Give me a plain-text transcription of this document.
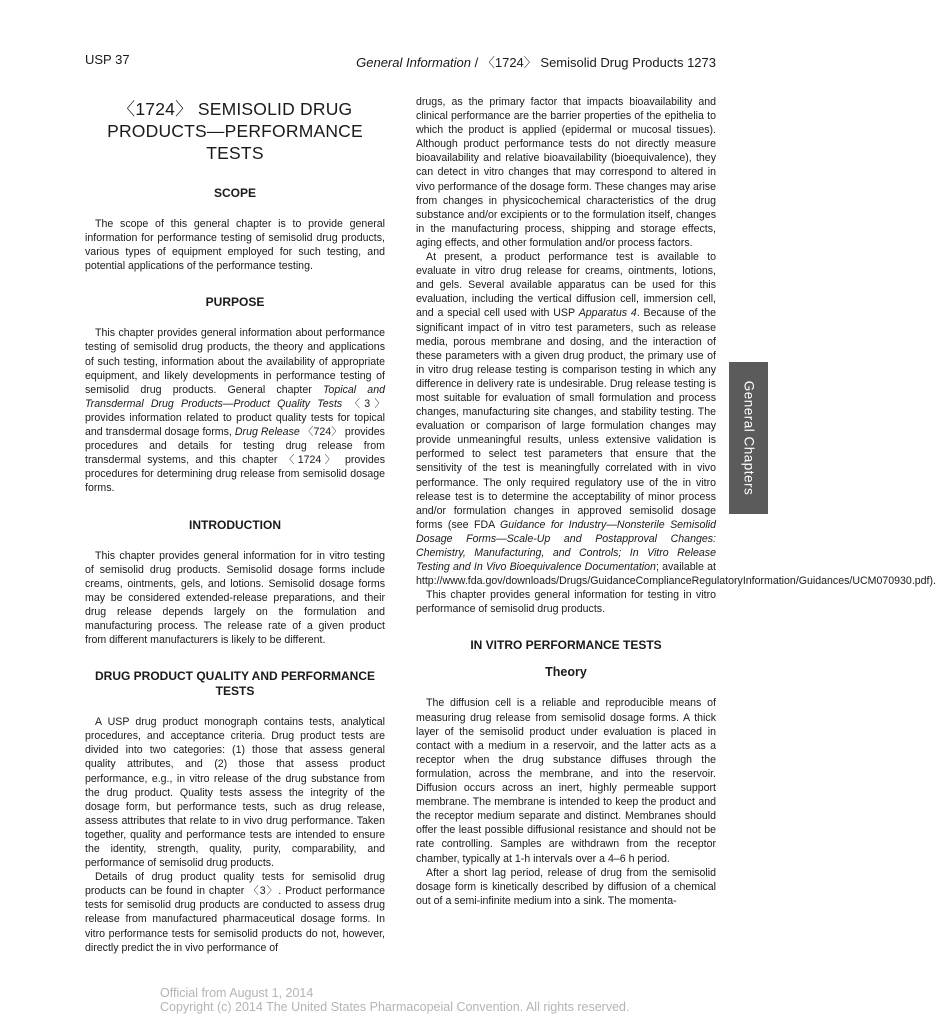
USP 37	General Information / 〈1724〉 Semisolid Drug Products 1273
〈1724〉 SEMISOLID DRUG PRODUCTS—PERFORMANCE TESTS
SCOPE

The scope of this general chapter is to provide general information for performance testing of semisolid drug products, various types of equipment employed for such testing, and potential applications of the performance testing.

PURPOSE

This chapter provides general information about performance testing of semisolid drug products, the theory and applications of such testing, information about the availability of appropriate equipment, and likely developments in performance testing of semisolid drug products. General chapter Topical and Transdermal Drug Products—Product Quality Tests 〈3〉 provides information related to product quality tests for topical and transdermal dosage forms, Drug Release 〈724〉 provides procedures and details for testing drug release from transdermal systems, and this chapter 〈1724〉 provides procedures for determining drug release from semisolid dosage forms.

INTRODUCTION

This chapter provides general information for in vitro testing of semisolid drug products. Semisolid dosage forms include creams, ointments, gels, and lotions. Semisolid dosage forms may be considered extended-release preparations, and their drug release depends largely on the formulation and manufacturing process. The release rate of a given product from different manufacturers is likely to be different.

DRUG PRODUCT QUALITY AND PERFORMANCE TESTS

A USP drug product monograph contains tests, analytical procedures, and acceptance criteria. Drug product tests are divided into two categories: (1) those that assess general quality attributes, and (2) those that assess product performance, e.g., in vitro release of the drug substance from the drug product. Quality tests assess the integrity of the dosage form, but performance tests, such as drug release, assess attributes that relate to in vivo drug performance. Taken together, quality and performance tests are intended to ensure the identity, strength, quality, purity, comparability, and performance of semisolid drug products.

Details of drug product quality tests for semisolid drug products can be found in chapter 〈3〉. Product performance tests for semisolid drug products are conducted to assess drug release from manufactured pharmaceutical dosage forms. In vitro performance tests for semisolid products do not, however, directly predict the in vivo performance of

drugs, as the primary factor that impacts bioavailability and clinical performance are the barrier properties of the epithelia to which the product is applied (epidermal or mucosal tissues). Although product performance tests do not directly measure bioavailability and relative bioavailability (bioequivalence), they can detect in vitro changes that may correspond to altered in vivo performance of the dosage form. These changes may arise from changes in physicochemical characteristics of the drug substance and/or excipients or to the formulation itself, changes in the manufacturing process, shipping and storage effects, aging effects, and other formulation and/or process factors.

At present, a product performance test is available to evaluate in vitro drug release for creams, ointments, lotions, and gels. Several available apparatus can be used for this evaluation, including the vertical diffusion cell, immersion cell, and a special cell used with USP Apparatus 4. Because of the significant impact of in vitro test parameters, such as release media, porous membrane and dosing, and the interaction of these parameters with a given drug product, the primary use of in vitro drug release testing is comparison testing in which any difference in delivery rate is undesirable. Drug release testing is most suitable for evaluation of small formulation and process changes, manufacturing site changes, and stability testing. The evaluation or comparison of large formulation changes may provide unmeaningful results, unless extensive validation is performed to select test parameters that ensure that the sensitivity of the test is meaningfully correlated with in vivo performance. The only required regulatory use of the in vitro release test is to determine the acceptability of minor process and/or formulation changes in approved semisolid dosage forms (see FDA Guidance for Industry—Nonsterile Semisolid Dosage Forms—Scale-Up and Postapproval Changes: Chemistry, Manufacturing, and Controls; In Vitro Release Testing and In Vivo Bioequivalence Documentation; available at http://www.fda.gov/downloads/Drugs/GuidanceComplianceRegulatoryInformation/Guidances/UCM070930.pdf).

This chapter provides general information for testing in vitro performance of semisolid drug products.

IN VITRO PERFORMANCE TESTS
Theory

The diffusion cell is a reliable and reproducible means of measuring drug release from semisolid dosage forms. A thick layer of the semisolid product under evaluation is placed in contact with a medium in a reservoir, and the latter acts as a receptor when the drug substance diffuses through the formulation, across the membrane, and into the reservoir. Diffusion occurs across an inert, highly permeable support membrane. The membrane is intended to keep the product and the receptor medium separate and distinct. Membranes should offer the least possible diffusional resistance and should not be rate controlling. Samples are withdrawn from the receptor chamber, typically at 1-h intervals over a 4–6 h period.

After a short lag period, release of drug from the semisolid dosage form is kinetically described by diffusion of a chemical out of a semi-infinite medium into a sink. The momenta-

General Chapters
Official from August 1, 2014
Copyright (c) 2014 The United States Pharmacopeial Convention. All rights reserved.
